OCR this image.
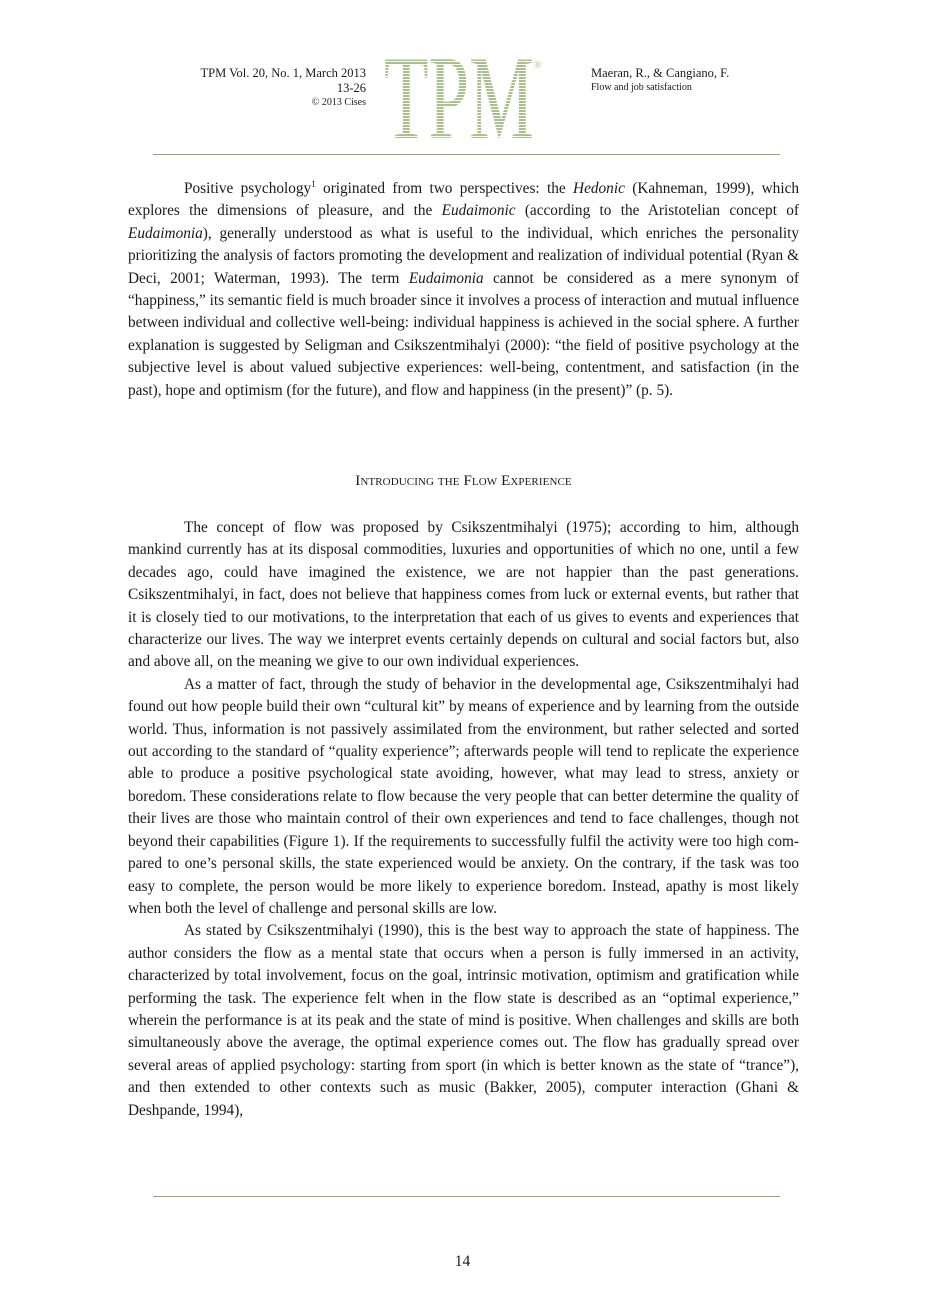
TPM Vol. 20, No. 1, March 2013
13-26
© 2013 Cises TPM ®
Maeran, R., & Cangiano, F.
Flow and job satisfaction

Positive psychology$^1$ originated from two perspectives: the Hedonic (Kahneman, 1999), which explores the dimensions of pleasure, and the Eudaimonic (according to the Aristotelian concept of Eudaimonia), generally understood as what is useful to the individual, which enriches the personality prioritizing the analysis of factors promoting the development and realization of individual potential (Ryan & Deci, 2001; Waterman, 1993). The term Eudaimonia cannot be considered as a mere synonym of “happiness,” its semantic field is much broader since it involves a process of interaction and mutual influence between individual and collective well-being: individual happiness is achieved in the social sphere. A further explanation is suggested by Seligman and Csikszentmihalyi (2000): “the field of positive psychology at the subjective level is about valued subjective experiences: well-being, contentment, and satisfaction (in the past), hope and optimism (for the future), and flow and happiness (in the present)” (p. 5).

Introducing the Flow Experience

The concept of flow was proposed by Csikszentmihalyi (1975); according to him, although mankind currently has at its disposal commodities, luxuries and opportunities of which no one, until a few decades ago, could have imagined the existence, we are not happier than the past generations. Csikszentmihalyi, in fact, does not believe that happiness comes from luck or external events, but rather that it is closely tied to our motivations, to the interpretation that each of us gives to events and experiences that characterize our lives. The way we interpret events certainly depends on cultural and social factors but, also and above all, on the meaning we give to our own individual experiences.

As a matter of fact, through the study of behavior in the developmental age, Csikszentmihalyi had found out how people build their own “cultural kit” by means of experience and by learning from the outside world. Thus, information is not passively assimilated from the environment, but rather selected and sorted out according to the standard of “quality experience”; afterwards people will tend to replicate the experience able to produce a positive psychological state avoiding, however, what may lead to stress, anxiety or boredom. These considerations relate to flow because the very people that can better determine the quality of their lives are those who maintain control of their own experiences and tend to face challenges, though not beyond their capabilities (Figure 1). If the requirements to successfully fulfil the activity were too high compared to one’s personal skills, the state experienced would be anxiety. On the contrary, if the task was too easy to complete, the person would be more likely to experience boredom. Instead, apathy is most likely when both the level of challenge and personal skills are low.

As stated by Csikszentmihalyi (1990), this is the best way to approach the state of happiness. The author considers the flow as a mental state that occurs when a person is fully immersed in an activity, characterized by total involvement, focus on the goal, intrinsic motivation, optimism and gratification while performing the task. The experience felt when in the flow state is described as an “optimal experience,” wherein the performance is at its peak and the state of mind is positive. When challenges and skills are both simultaneously above the average, the optimal experience comes out. The flow has gradually spread over several areas of applied psychology: starting from sport (in which is better known as the state of “trance”), and then extended to other contexts such as music (Bakker, 2005), computer interaction (Ghani & Deshpande, 1994),

14
